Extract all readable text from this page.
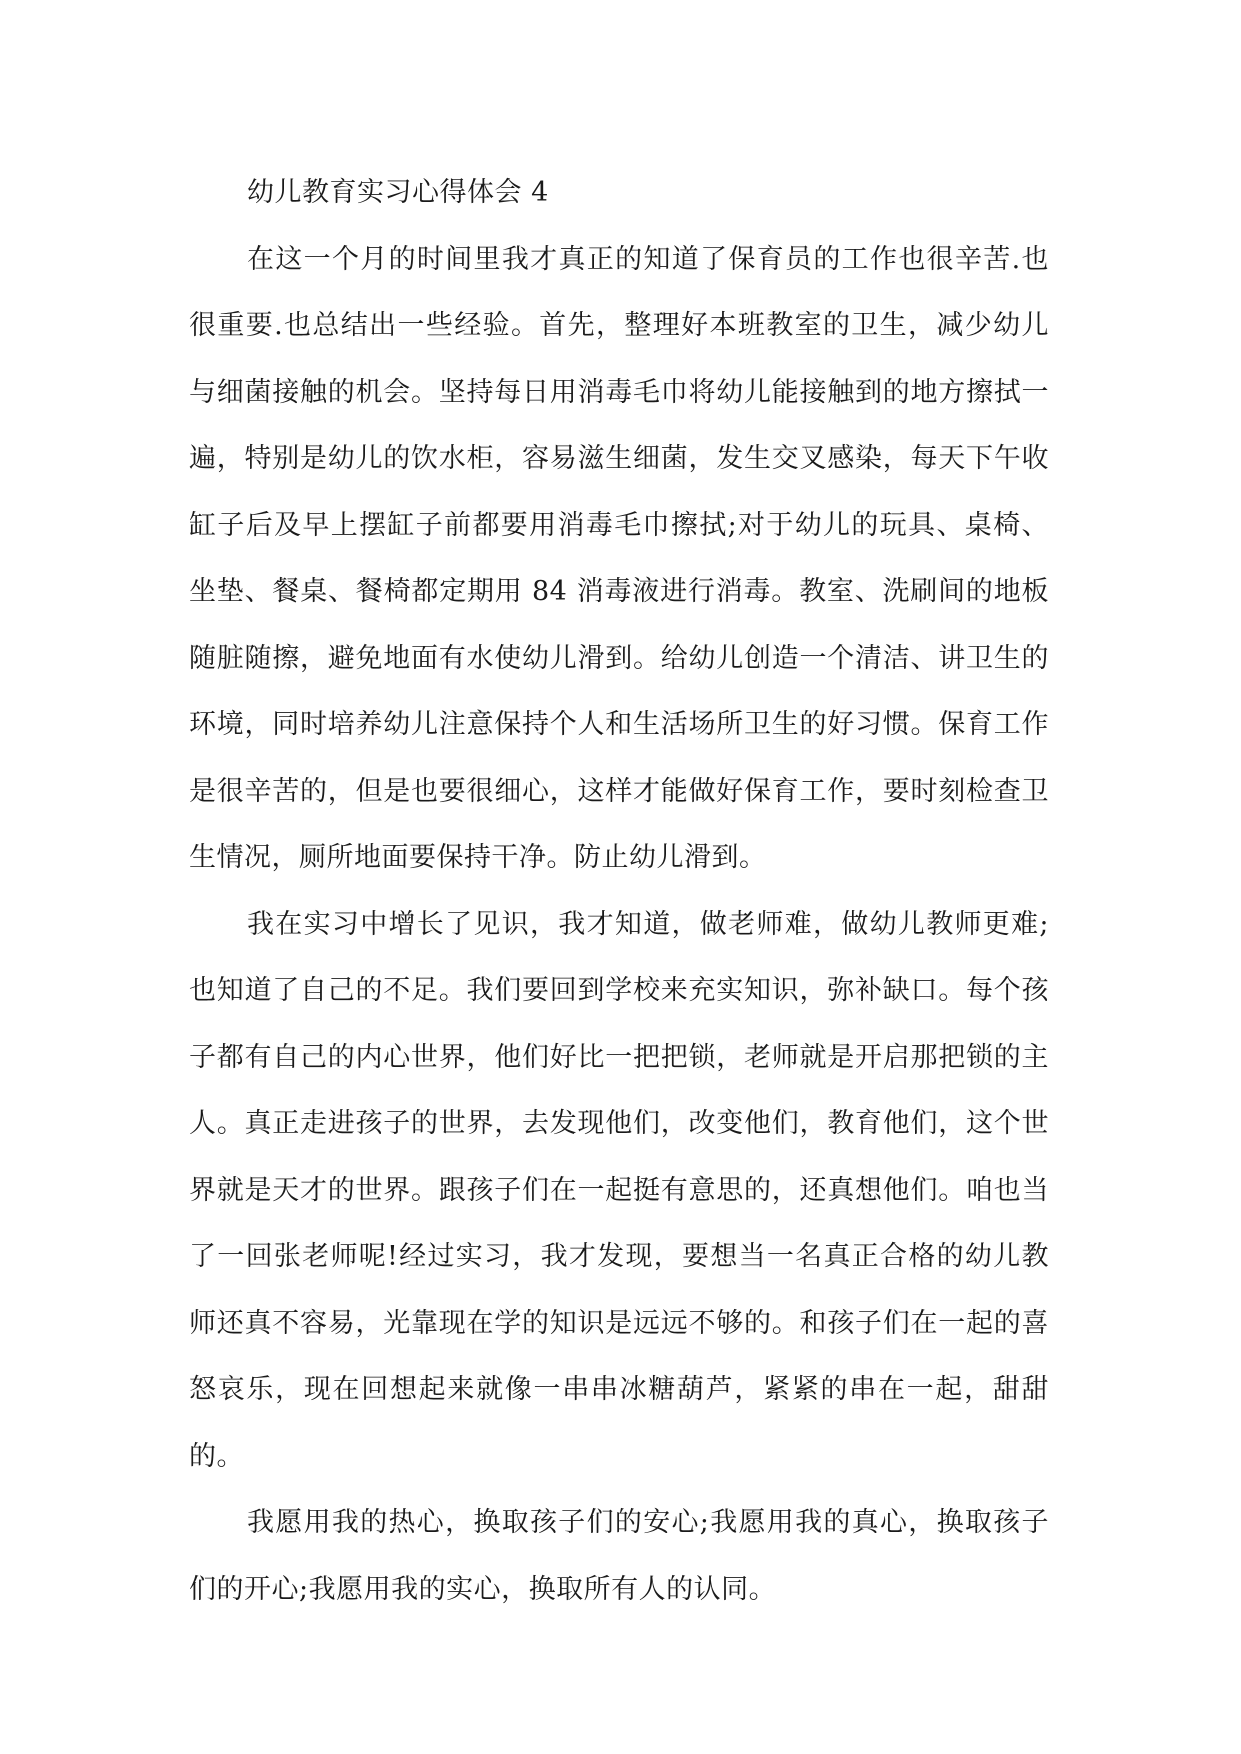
幼儿教育实习心得体会 4

在这一个月的时间里我才真正的知道了保育员的工作也很辛苦.也很重要.也总结出一些经验。首先，整理好本班教室的卫生，减少幼儿与细菌接触的机会。坚持每日用消毒毛巾将幼儿能接触到的地方擦拭一遍，特别是幼儿的饮水柜，容易滋生细菌，发生交叉感染，每天下午收缸子后及早上摆缸子前都要用消毒毛巾擦拭;对于幼儿的玩具、桌椅、坐垫、餐桌、餐椅都定期用 84 消毒液进行消毒。教室、洗刷间的地板随脏随擦，避免地面有水使幼儿滑到。给幼儿创造一个清洁、讲卫生的环境，同时培养幼儿注意保持个人和生活场所卫生的好习惯。保育工作是很辛苦的，但是也要很细心，这样才能做好保育工作，要时刻检查卫生情况，厕所地面要保持干净。防止幼儿滑到。

我在实习中增长了见识，我才知道，做老师难，做幼儿教师更难;也知道了自己的不足。我们要回到学校来充实知识，弥补缺口。每个孩子都有自己的内心世界，他们好比一把把锁，老师就是开启那把锁的主人。真正走进孩子的世界，去发现他们，改变他们，教育他们，这个世界就是天才的世界。跟孩子们在一起挺有意思的，还真想他们。咱也当了一回张老师呢!经过实习，我才发现，要想当一名真正合格的幼儿教师还真不容易，光靠现在学的知识是远远不够的。和孩子们在一起的喜怒哀乐，现在回想起来就像一串串冰糖葫芦，紧紧的串在一起，甜甜的。

我愿用我的热心，换取孩子们的安心;我愿用我的真心，换取孩子们的开心;我愿用我的实心，换取所有人的认同。
